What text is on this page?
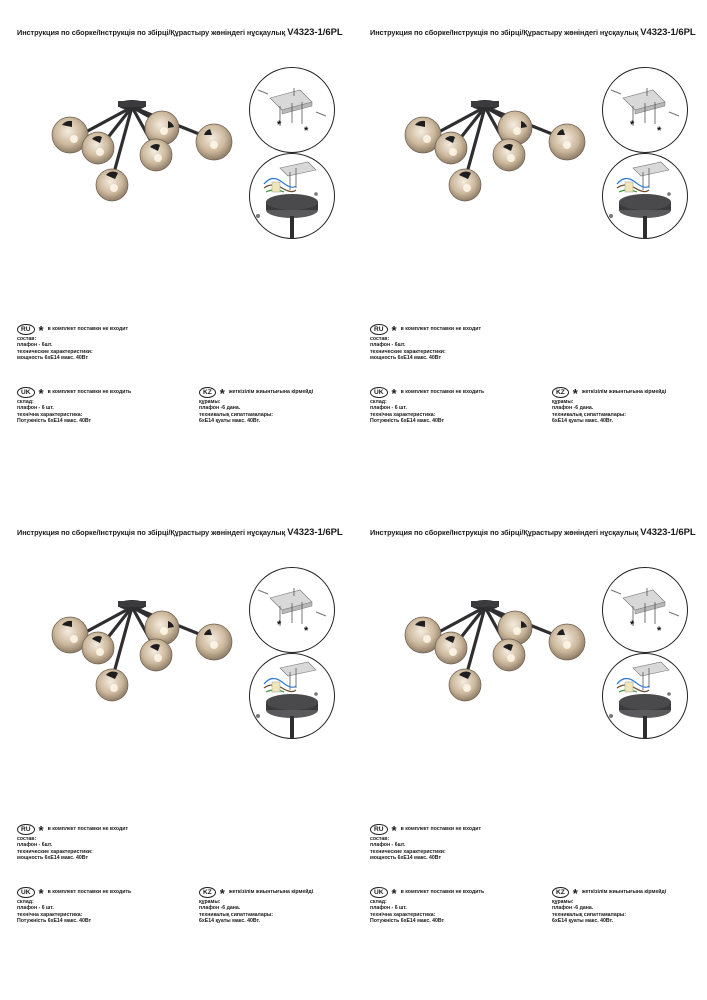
Инструкция по сборке/Інструкція по збірці/Құрастыру жөніндегі нұсқаулық V4323-1/6PL
* *
RU * в комплект поставки не входит
состав:
плафон - 6шт.
технические характеристики:
мощность 6xE14 макс. 40Вт
UK * в комплект поставки не входить
склад:
плафон - 6 шт.
технічна характеристика:
Потужність 6xE14 макс. 40Вт
KZ * жеткізілім жиынтығына кірмейді
құрамы:
плафон -6 дана.
техникалық сипаттамалары:
6xE14 қуаты макс. 40Вт.
Инструкция по сборке/Інструкція по збірці/Құрастыру жөніндегі нұсқаулық V4323-1/6PL
* *
RU * в комплект поставки не входит
состав:
плафон - 6шт.
технические характеристики:
мощность 6xE14 макс. 40Вт
UK * в комплект поставки не входить
склад:
плафон - 6 шт.
технічна характеристика:
Потужність 6xE14 макс. 40Вт
KZ * жеткізілім жиынтығына кірмейді
құрамы:
плафон -6 дана.
техникалық сипаттамалары:
6xE14 қуаты макс. 40Вт.
Инструкция по сборке/Інструкція по збірці/Құрастыру жөніндегі нұсқаулық V4323-1/6PL
* *
RU * в комплект поставки не входит
состав:
плафон - 6шт.
технические характеристики:
мощность 6xE14 макс. 40Вт
UK * в комплект поставки не входить
склад:
плафон - 6 шт.
технічна характеристика:
Потужність 6xE14 макс. 40Вт
KZ * жеткізілім жиынтығына кірмейді
құрамы:
плафон -6 дана.
техникалық сипаттамалары:
6xE14 қуаты макс. 40Вт.
Инструкция по сборке/Інструкція по збірці/Құрастыру жөніндегі нұсқаулық V4323-1/6PL
* *
RU * в комплект поставки не входит
состав:
плафон - 6шт.
технические характеристики:
мощность 6xE14 макс. 40Вт
UK * в комплект поставки не входить
склад:
плафон - 6 шт.
технічна характеристика:
Потужність 6xE14 макс. 40Вт
KZ * жеткізілім жиынтығына кірмейді
құрамы:
плафон -6 дана.
техникалық сипаттамалары:
6xE14 қуаты макс. 40Вт.
